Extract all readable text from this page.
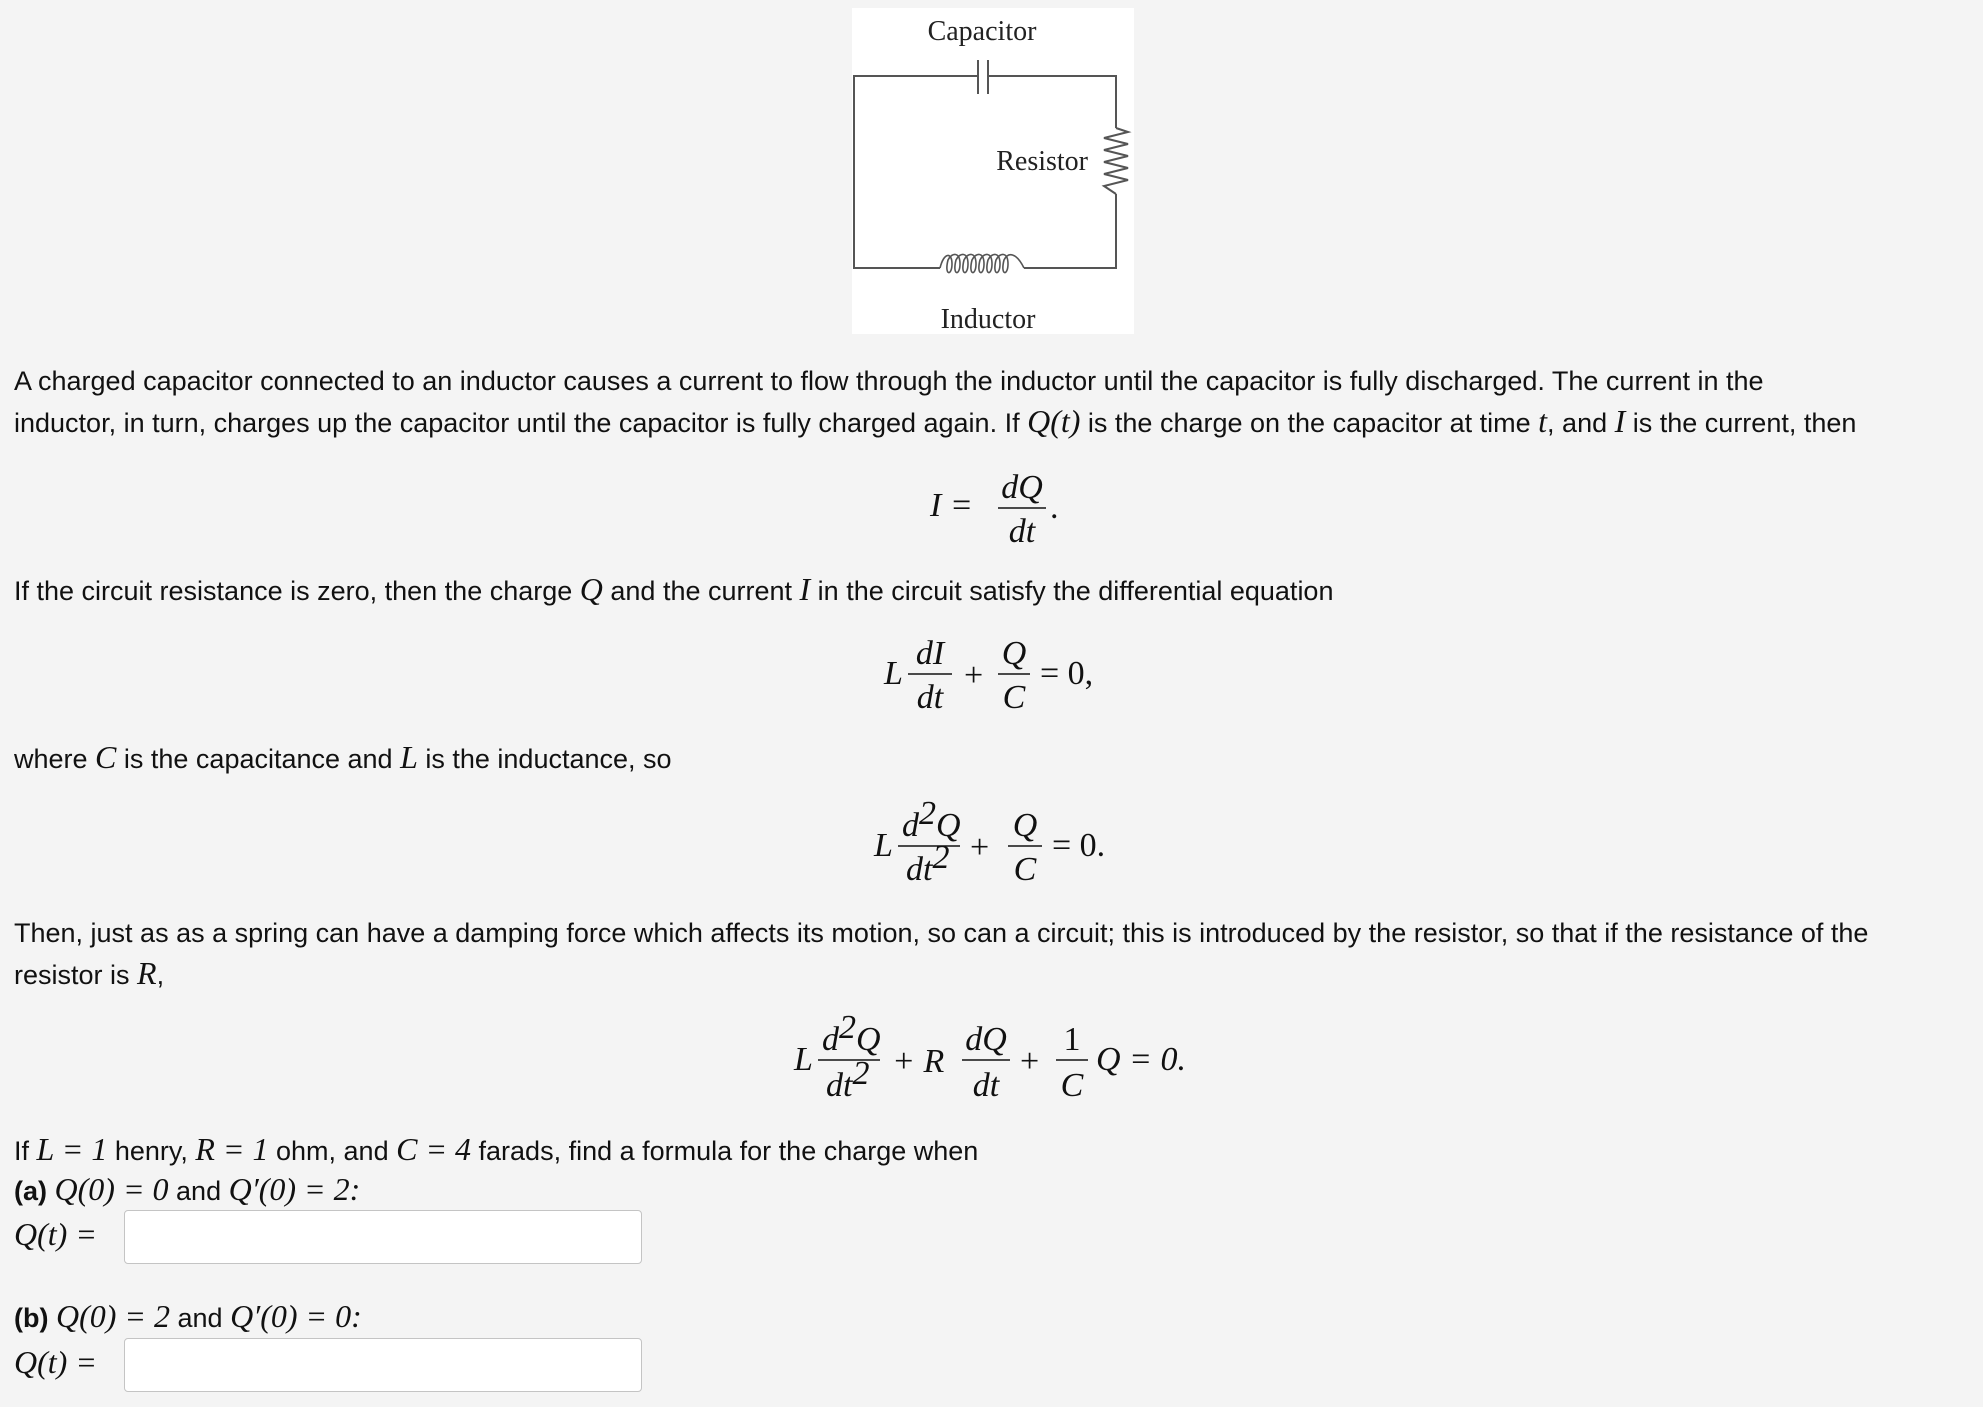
Capacitor
Resistor
Inductor
A charged capacitor connected to an inductor causes a current to flow through the inductor until the capacitor is fully discharged. The current in the
inductor, in turn, charges up the capacitor until the capacitor is fully charged again. If Q(t) is the charge on the capacitor at time t, and I is the current, then
I = dQ
dt
.
If the circuit resistance is zero, then the charge Q and the current I in the circuit satisfy the differential equation
L
dI
dt
+
Q
C
= 0,
where C is the capacitance and L is the inductance, so
L
d2Q
dt2 +
Q
C
= 0.
Then, just as as a spring can have a damping force which affects its motion, so can a circuit; this is introduced by the resistor, so that if the resistance of the
resistor is R,
L
d2Q
dt2 + R
dQ
dt
+
1
C
Q = 0.
If L = 1 henry, R = 1 ohm, and C = 4 farads, find a formula for the charge when
(a) Q(0) = 0 and Q′(0) = 2:
Q(t) =
(b) Q(0) = 2 and Q′(0) = 0:
Q(t) =
